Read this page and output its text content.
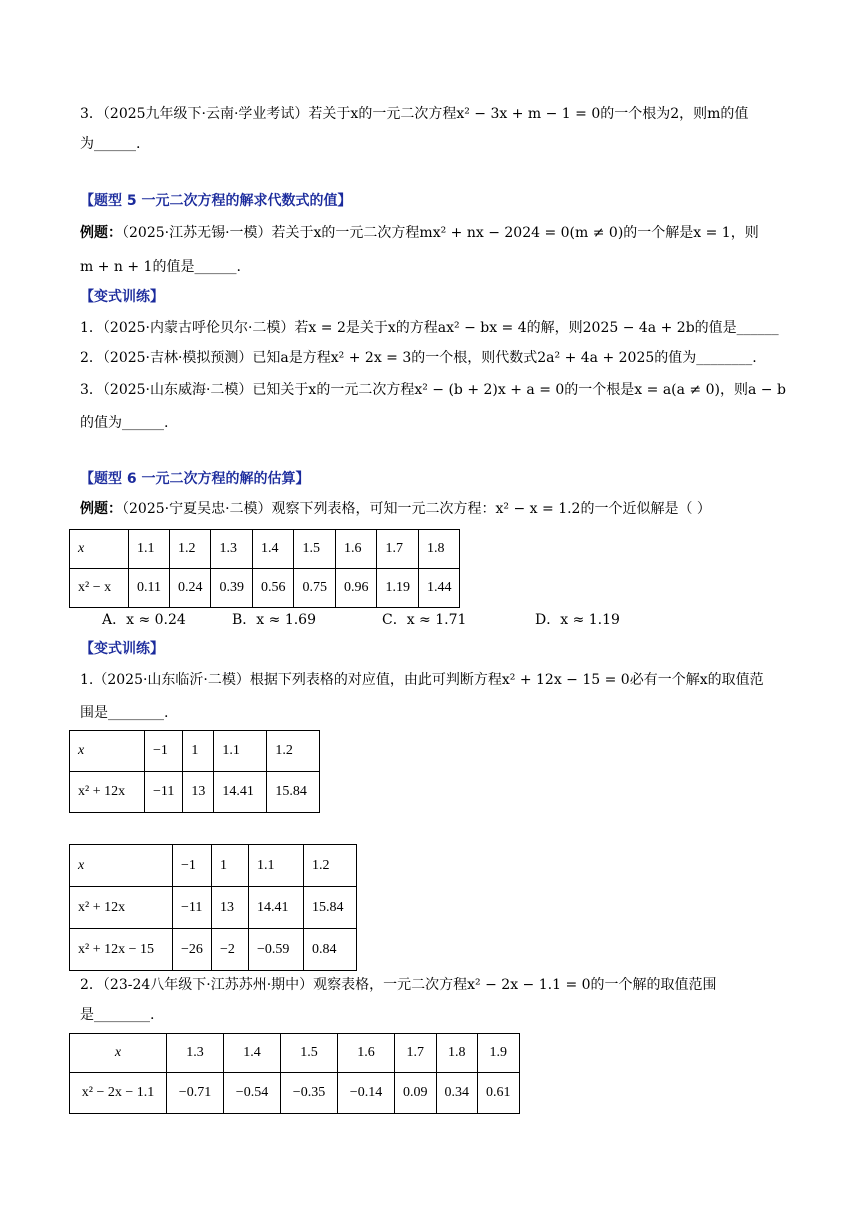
3．（2025九年级下·云南·学业考试）若关于x的一元二次方程x² − 3x + m − 1 = 0的一个根为2，则m的值
为______.
【题型 5 一元二次方程的解求代数式的值】
例题：（2025·江苏无锡·一模）若关于x的一元二次方程mx² + nx − 2024 = 0(m ≠ 0)的一个解是x = 1，则
m + n + 1的值是______.
【变式训练】
1．（2025·内蒙古呼伦贝尔·二模）若x = 2是关于x的方程ax² − bx = 4的解，则2025 − 4a + 2b的值是______
2．（2025·吉林·模拟预测）已知a是方程x² + 2x = 3的一个根，则代数式2a² + 4a + 2025的值为________.
3．（2025·山东威海·二模）已知关于x的一元二次方程x² − (b + 2)x + a = 0的一个根是x = a(a ≠ 0)，则a − b
的值为______.
【题型 6 一元二次方程的解的估算】
例题：（2025·宁夏吴忠·二模）观察下列表格，可知一元二次方程：x² − x = 1.2的一个近似解是（ ）
x	1.1	1.2	1.3	1.4	1.5	1.6	1.7	1.8
x² − x	0.11	0.24	0.39	0.56	0.75	0.96	1.19	1.44
A．x ≈ 0.24	B．x ≈ 1.69	C．x ≈ 1.71	D．x ≈ 1.19
【变式训练】
1.（2025·山东临沂·二模）根据下列表格的对应值，由此可判断方程x² + 12x − 15 = 0必有一个解x的取值范
围是________.
x	−1	1	1.1	1.2
x² + 12x	−11	13	14.41	15.84
x	−1	1	1.1	1.2
x² + 12x	−11	13	14.41	15.84
x² + 12x − 15	−26	−2	−0.59	0.84
2．（23-24八年级下·江苏苏州·期中）观察表格，一元二次方程x² − 2x − 1.1 = 0的一个解的取值范围
是________.
x	1.3	1.4	1.5	1.6	1.7	1.8	1.9
x² − 2x − 1.1	−0.71	−0.54	−0.35	−0.14	0.09	0.34	0.61
